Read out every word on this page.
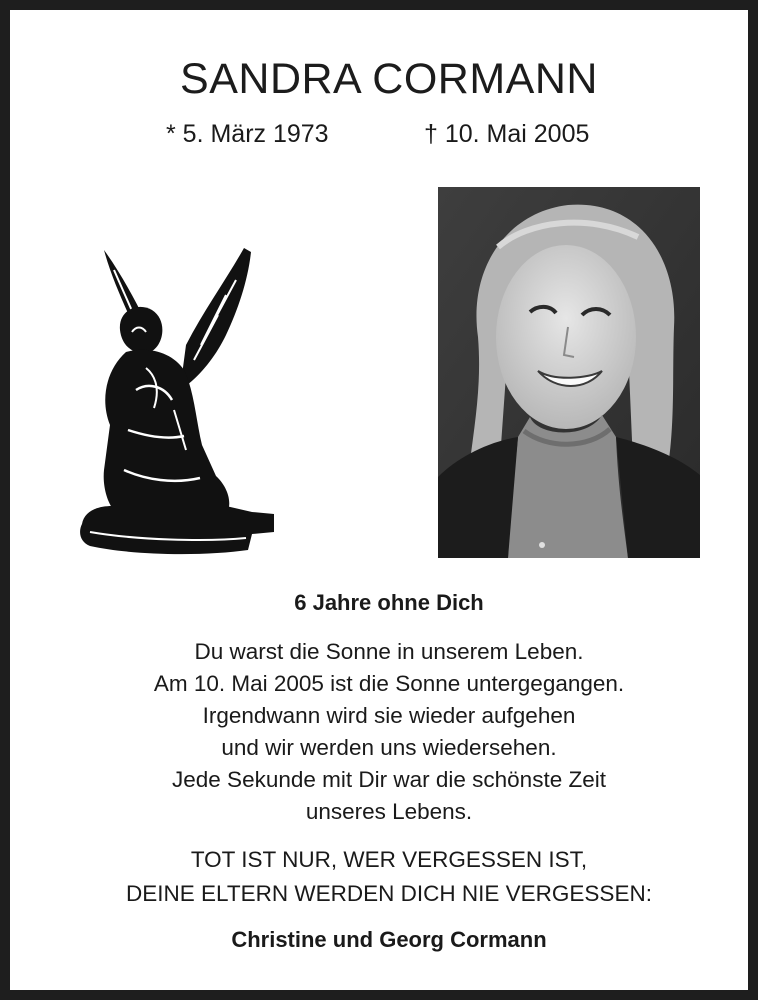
SANDRA CORMANN
* 5. März 1973	† 10. Mai 2005
6 Jahre ohne Dich
Du warst die Sonne in unserem Leben.
Am 10. Mai 2005 ist die Sonne untergegangen.
Irgendwann wird sie wieder aufgehen
und wir werden uns wiedersehen.
Jede Sekunde mit Dir war die schönste Zeit
unseres Lebens.
TOT IST NUR, WER VERGESSEN IST,
DEINE ELTERN WERDEN DICH NIE VERGESSEN:
Christine und Georg Cormann
